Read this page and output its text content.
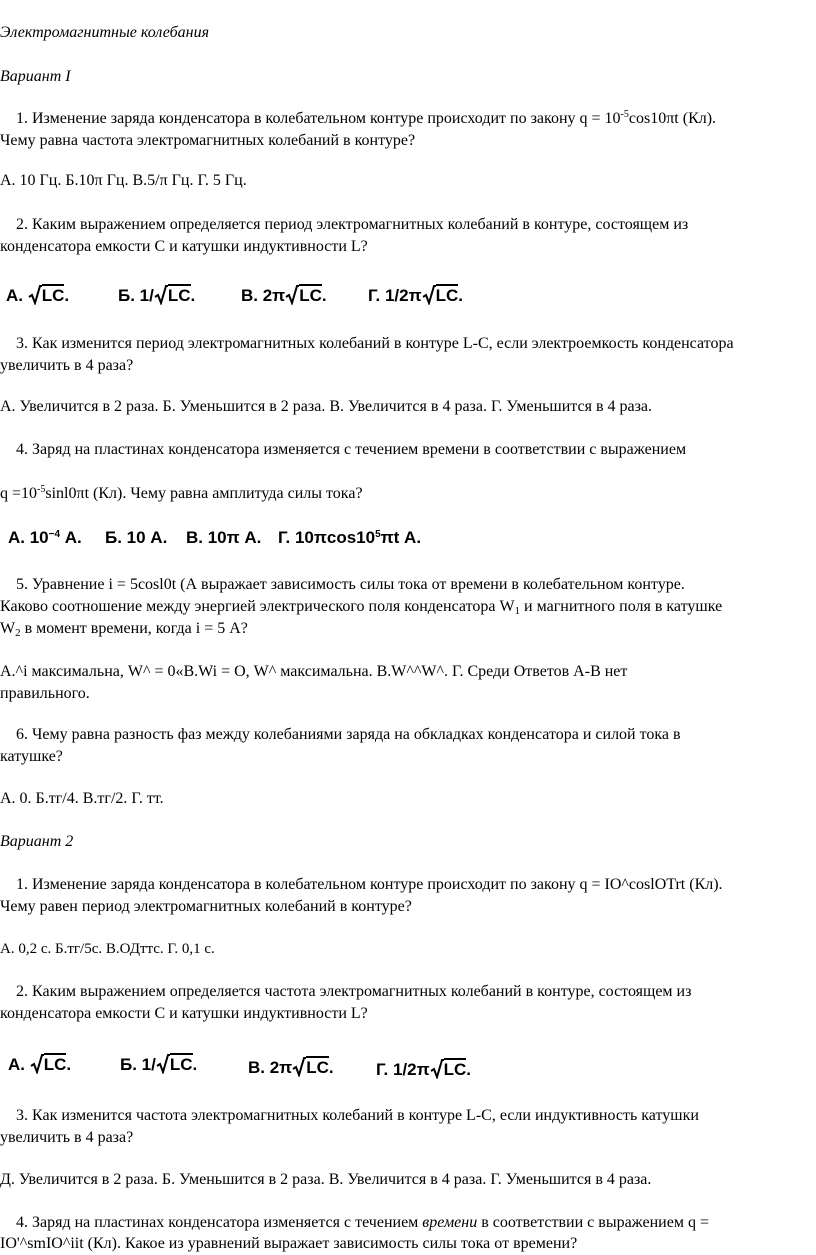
Электромагнитные колебания
Вариант I
1. Изменение заряда конденсатора в колебательном контуре происходит по закону $q = 10^{-5}\cos 10\pi t$ (Кл).
Чему равна частота электромагнитных колебаний в контуре?
А. 10 Гц. Б.10π Гц. В.5/π Гц. Г. 5 Гц.
2. Каким выражением определяется период электромагнитных колебаний в контуре, состоящем из
конденсатора емкости С и катушки индуктивности L?
А. LC.	Б. 1/ LC.	В. 2π LC. Г. 1/2π LC.
3. Как изменится период электромагнитных колебаний в контуре L-C, если электроемкость конденсатора
увеличить в 4 раза?
А. Увеличится в 2 раза. Б. Уменьшится в 2 раза. В. Увеличится в 4 раза. Г. Уменьшится в 4 раза.
4. Заряд на пластинах конденсатора изменяется с течением времени в соответствии с выражением
$q =10^{-5}\sin l0\pi t$ (Кл). Чему равна амплитуда силы тока?
А. $10^{-4}$ А. Б. 10 А. В. 10π А. Г. $10\pi\cos 10^5\pi t$ А.
5. Уравнение i = 5cosl0t (А выражает зависимость силы тока от времени в колебательном контуре.
Каково соотношение между энергией электрического поля конденсатора $W_1$ и магнитного поля в катушке
$W_2$ в момент времени, когда i = 5 А?
А.^i максимальна, W^ = 0«В.Wi = О, W^ максимальна. В.W^^W^. Г. Среди Ответов А-В нет
правильного.
6. Чему равна разность фаз между колебаниями заряда на обкладках конденсатора и силой тока в
катушке?
А. 0. Б.тг/4. В.тг/2. Г. тт.
Вариант 2
1. Изменение заряда конденсатора в колебательном контуре происходит по закону q = IO^coslOTrt (Кл).
Чему равен период электромагнитных колебаний в контуре?
А. 0,2 с. Б.тг/5с. В.ОДттс. Г. 0,1 с.
2. Каким выражением определяется частота электромагнитных колебаний в контуре, состоящем из
конденсатора емкости С и катушки индуктивности L?
А. LC.	Б. 1/ LC.	В. 2π LC. Г. 1/2π LC.
3. Как изменится частота электромагнитных колебаний в контуре L-C, если индуктивность катушки
увеличить в 4 раза?
Д. Увеличится в 2 раза. Б. Уменьшится в 2 раза. В. Увеличится в 4 раза. Г. Уменьшится в 4 раза.
4. Заряд на пластинах конденсатора изменяется с течением времени в соответствии с выражением q =
IO'^smIO^iit (Кл). Какое из уравнений выражает зависимость силы тока от времени?
